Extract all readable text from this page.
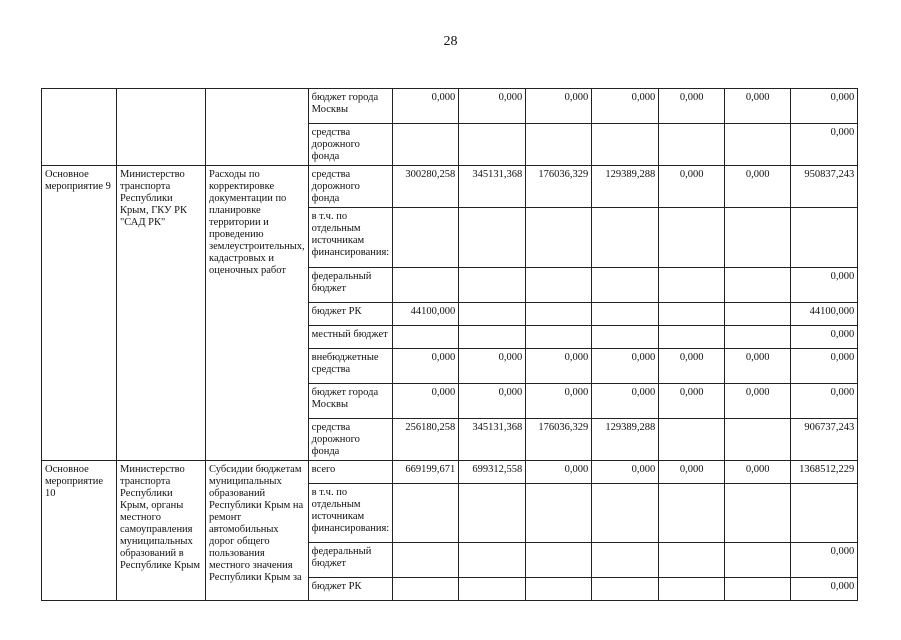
28
			бюджет города Москвы	0,000	0,000	0,000	0,000	0,000	0,000	0,000
			средства дорожного фонда							0,000
Основное мероприятие 9	Министерство транспорта Республики Крым, ГКУ РК "САД РК"	Расходы по корректировке документации по планировке территории и проведению землеустроительных, кадастровых и оценочных работ	средства дорожного фонда	300280,258	345131,368	176036,329	129389,288	0,000	0,000	950837,243
			в т.ч. по отдельным источникам финансирования:							
			федеральный бюджет							0,000
			бюджет РК	44100,000						44100,000
			местный бюджет							0,000
			внебюджетные средства	0,000	0,000	0,000	0,000	0,000	0,000	0,000
			бюджет города Москвы	0,000	0,000	0,000	0,000	0,000	0,000	0,000
			средства дорожного фонда	256180,258	345131,368	176036,329	129389,288			906737,243
Основное мероприятие 10	Министерство транспорта Республики Крым, органы местного самоуправления муниципальных образований в Республике Крым	Субсидии бюджетам муниципальных образований Республики Крым на ремонт автомобильных дорог общего пользования местного значения Республики Крым за	всего	669199,671	699312,558	0,000	0,000	0,000	0,000	1368512,229
			в т.ч. по отдельным источникам финансирования:							
			федеральный бюджет							0,000
			бюджет РК							0,000
